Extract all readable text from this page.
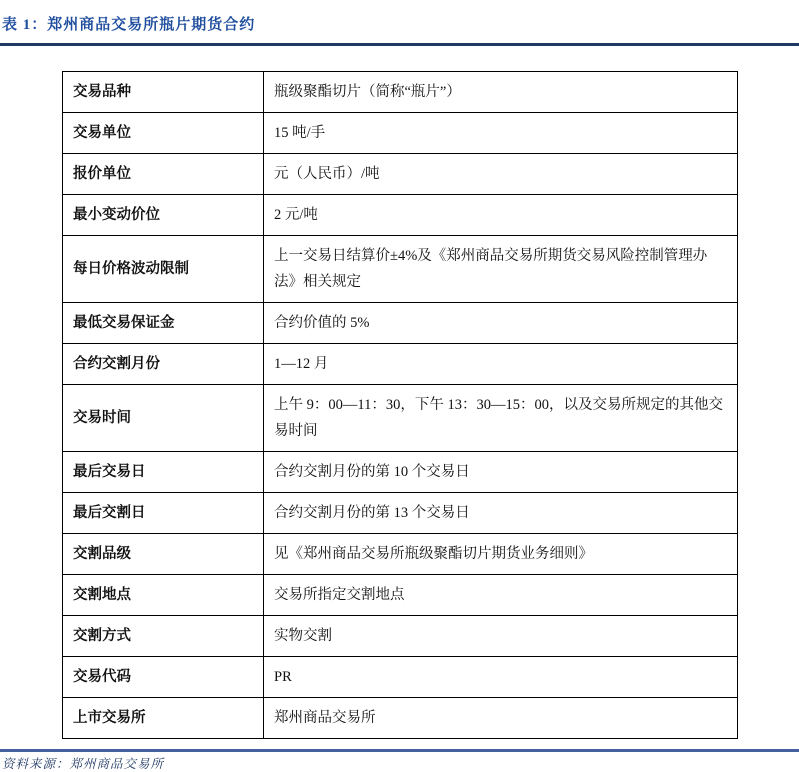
表 1：郑州商品交易所瓶片期货合约
交易品种	瓶级聚酯切片（简称“瓶片”）
交易单位	15 吨/手
报价单位	元（人民币）/吨
最小变动价位	2 元/吨
每日价格波动限制	上一交易日结算价±4%及《郑州商品交易所期货交易风险控制管理办法》相关规定
最低交易保证金	合约价值的 5%
合约交割月份	1—12 月
交易时间	上午 9：00—11：30，下午 13：30—15：00，以及交易所规定的其他交易时间
最后交易日	合约交割月份的第 10 个交易日
最后交割日	合约交割月份的第 13 个交易日
交割品级	见《郑州商品交易所瓶级聚酯切片期货业务细则》
交割地点	交易所指定交割地点
交割方式	实物交割
交易代码	PR
上市交易所	郑州商品交易所
资料来源：郑州商品交易所
